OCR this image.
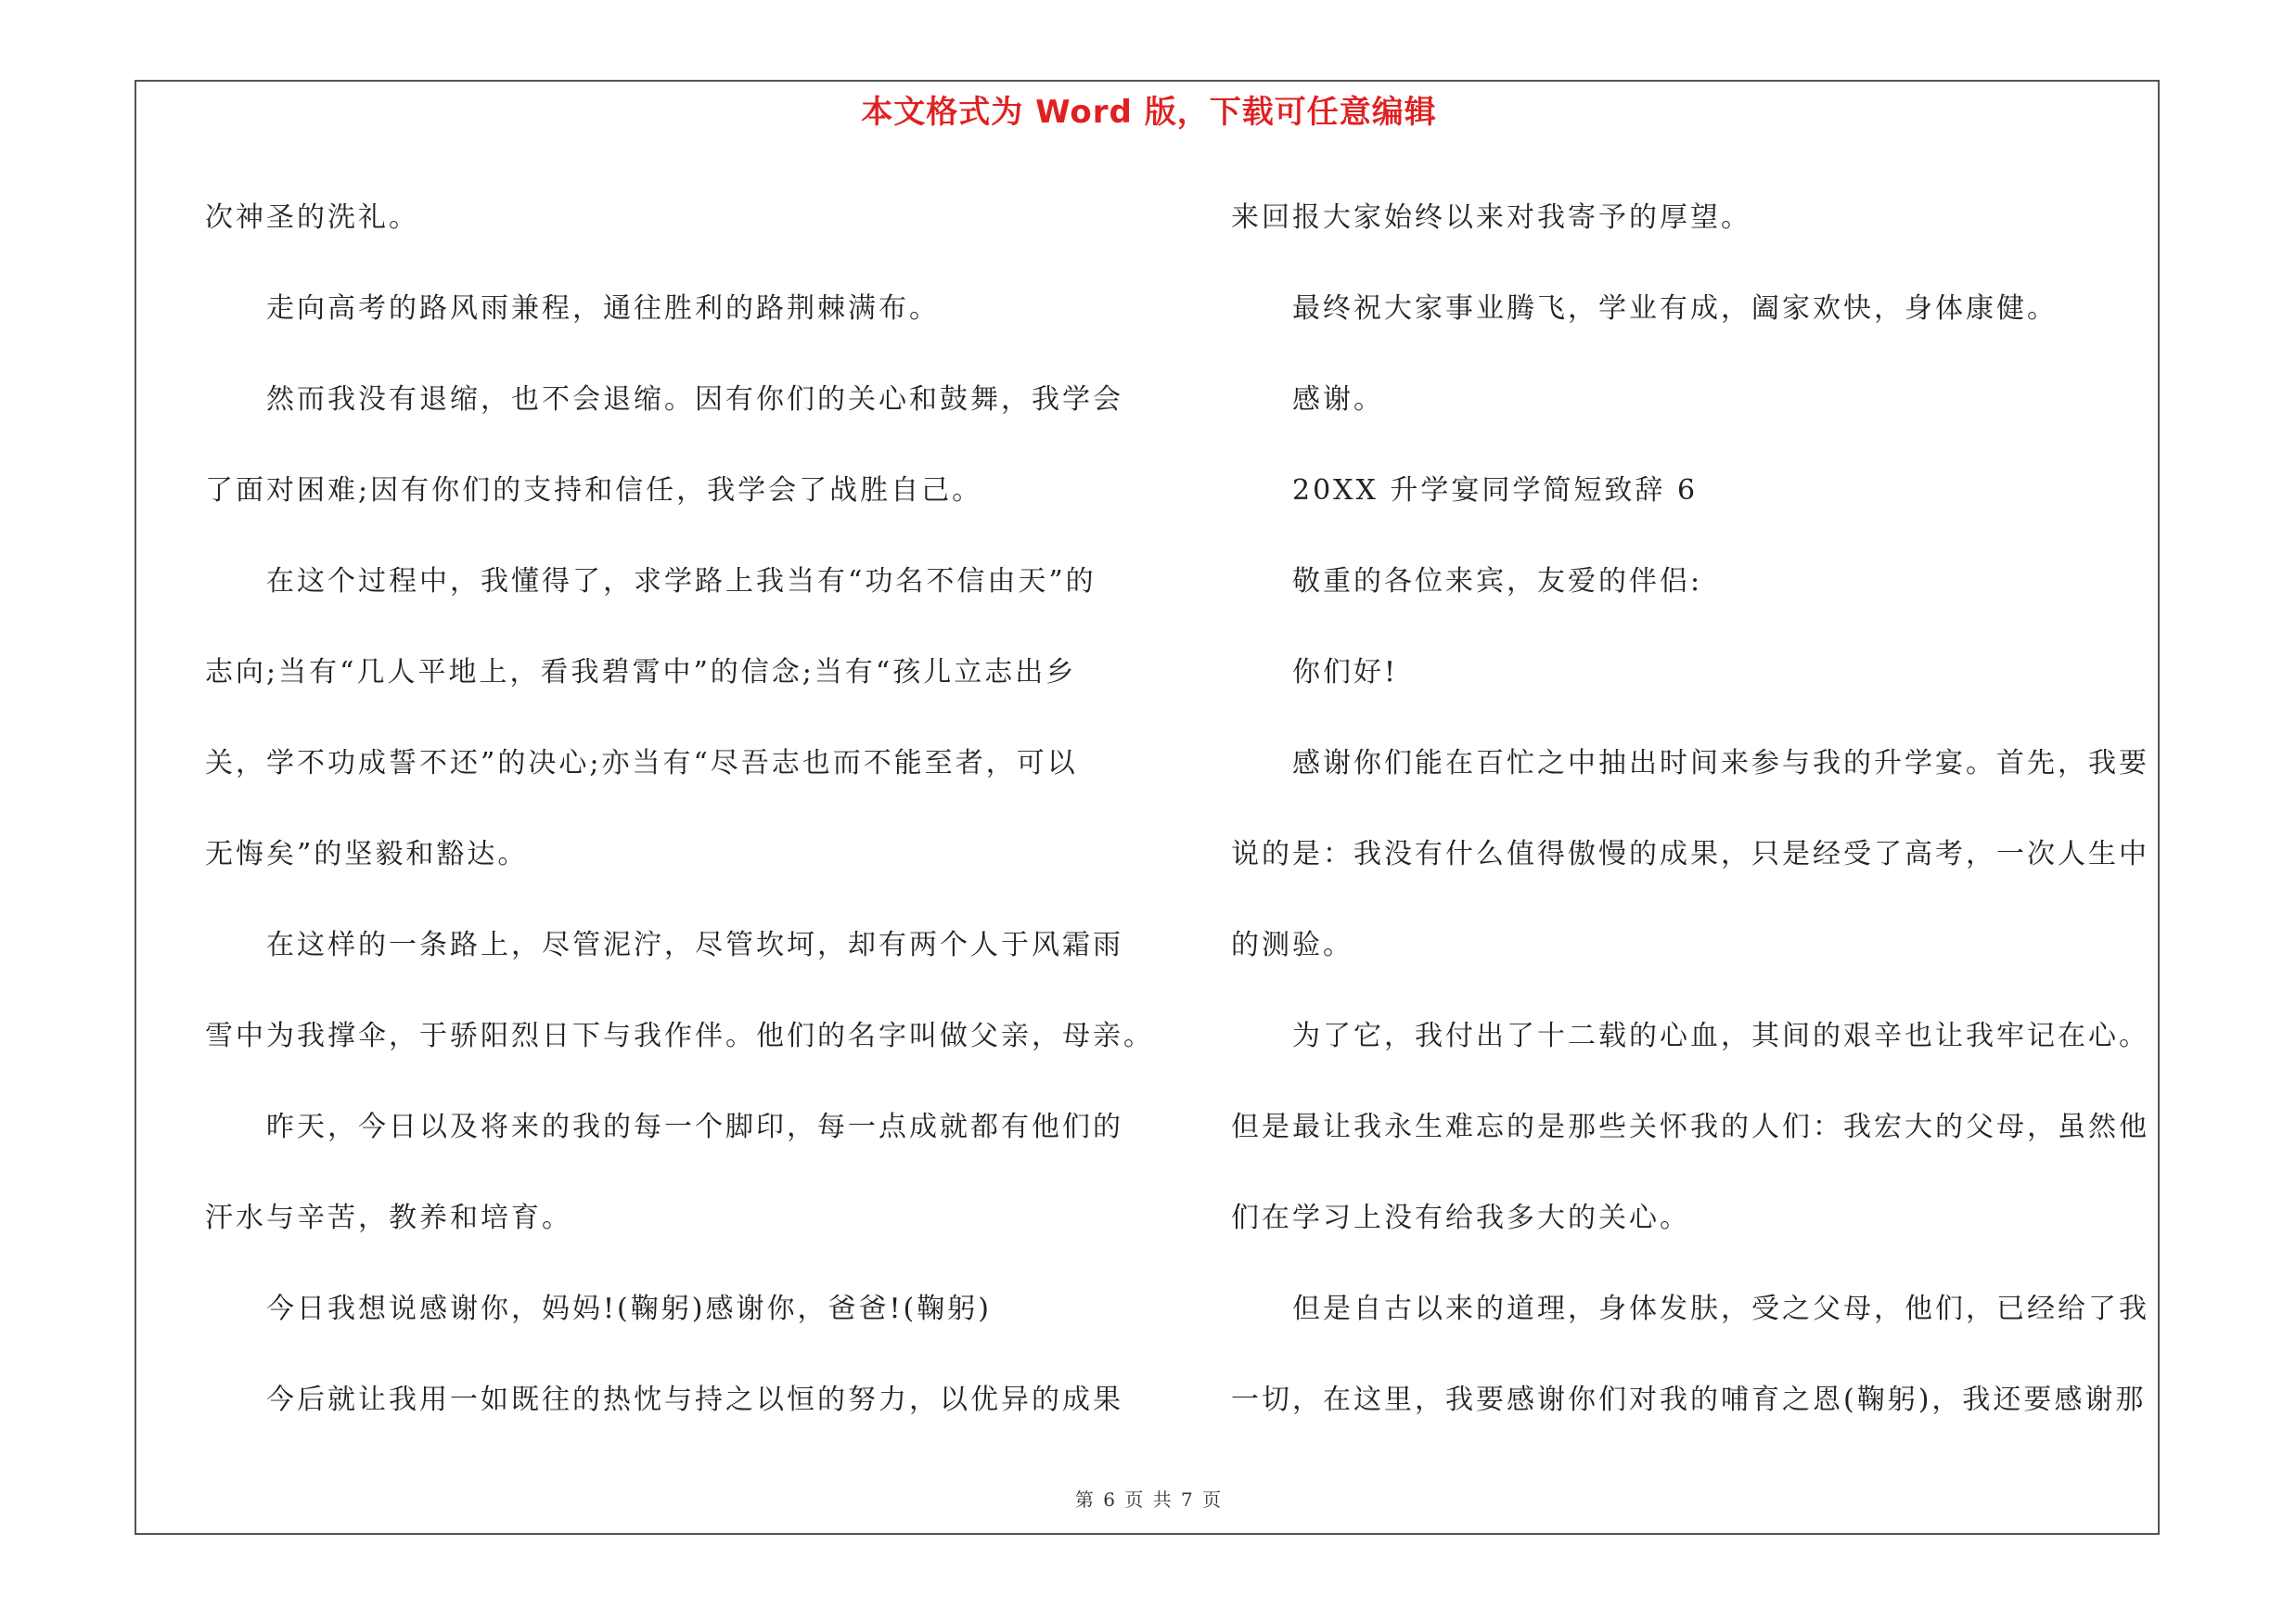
本文格式为 Word 版，下载可任意编辑

次神圣的洗礼。

走向高考的路风雨兼程，通往胜利的路荆棘满布。

然而我没有退缩，也不会退缩。因有你们的关心和鼓舞，我学会

了面对困难;因有你们的支持和信任，我学会了战胜自己。

在这个过程中，我懂得了，求学路上我当有“功名不信由天”的

志向;当有“几人平地上，看我碧霄中”的信念;当有“孩儿立志出乡

关，学不功成誓不还”的决心;亦当有“尽吾志也而不能至者，可以

无悔矣”的坚毅和豁达。

在这样的一条路上，尽管泥泞，尽管坎坷，却有两个人于风霜雨

雪中为我撑伞，于骄阳烈日下与我作伴。他们的名字叫做父亲，母亲。

昨天，今日以及将来的我的每一个脚印，每一点成就都有他们的

汗水与辛苦，教养和培育。

今日我想说感谢你，妈妈!(鞠躬)感谢你，爸爸!(鞠躬)

今后就让我用一如既往的热忱与持之以恒的努力，以优异的成果

来回报大家始终以来对我寄予的厚望。

最终祝大家事业腾飞，学业有成，阖家欢快，身体康健。

感谢。

20XX 升学宴同学简短致辞 6

敬重的各位来宾，友爱的伴侣:

你们好!

感谢你们能在百忙之中抽出时间来参与我的升学宴。首先，我要

说的是：我没有什么值得傲慢的成果，只是经受了高考，一次人生中

的测验。

为了它，我付出了十二载的心血，其间的艰辛也让我牢记在心。

但是最让我永生难忘的是那些关怀我的人们：我宏大的父母，虽然他

们在学习上没有给我多大的关心。

但是自古以来的道理，身体发肤，受之父母，他们，已经给了我

一切，在这里，我要感谢你们对我的哺育之恩(鞠躬)，我还要感谢那

第 6 页 共 7 页
